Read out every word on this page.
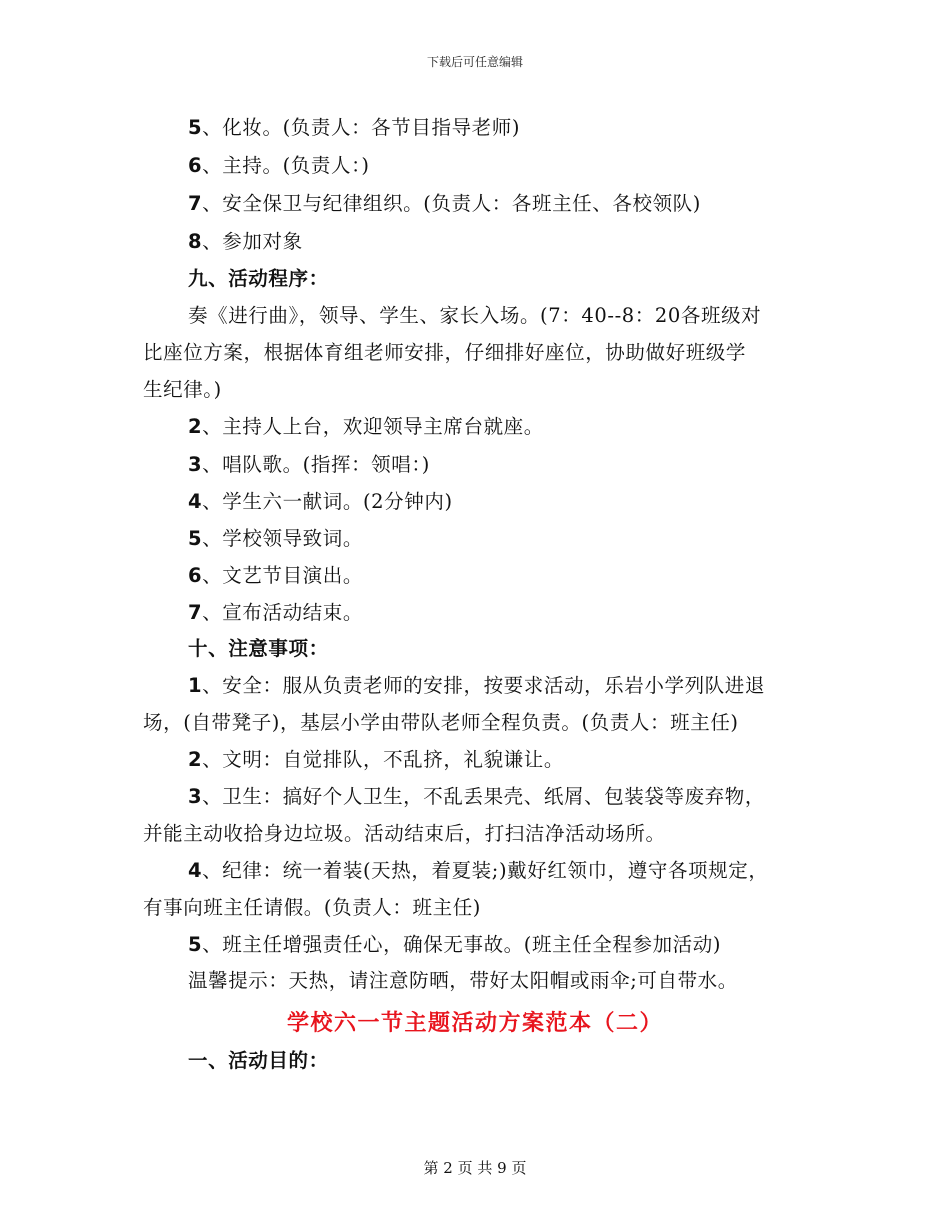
下载后可任意编辑
5、化妆。(负责人：各节目指导老师)
6、主持。(负责人：)
7、安全保卫与纪律组织。(负责人：各班主任、各校领队)
8、参加对象
九、活动程序：
奏《进行曲》，领导、学生、家长入场。(7：40--8：20各班级对
比座位方案，根据体育组老师安排，仔细排好座位，协助做好班级学
生纪律。)
2、主持人上台，欢迎领导主席台就座。
3、唱队歌。(指挥：领唱：)
4、学生六一献词。(2分钟内)
5、学校领导致词。
6、文艺节目演出。
7、宣布活动结束。
十、注意事项：
1、安全：服从负责老师的安排，按要求活动，乐岩小学列队进退
场，(自带凳子)，基层小学由带队老师全程负责。(负责人：班主任)
2、文明：自觉排队，不乱挤，礼貌谦让。
3、卫生：搞好个人卫生，不乱丢果壳、纸屑、包装袋等废弃物，
并能主动收拾身边垃圾。活动结束后，打扫洁净活动场所。
4、纪律：统一着装(天热，着夏装;)戴好红领巾，遵守各项规定，
有事向班主任请假。(负责人：班主任)
5、班主任增强责任心，确保无事故。(班主任全程参加活动)
温馨提示：天热，请注意防晒，带好太阳帽或雨伞;可自带水。
学校六一节主题活动方案范本（二）
一、活动目的：
第 2 页 共 9 页
